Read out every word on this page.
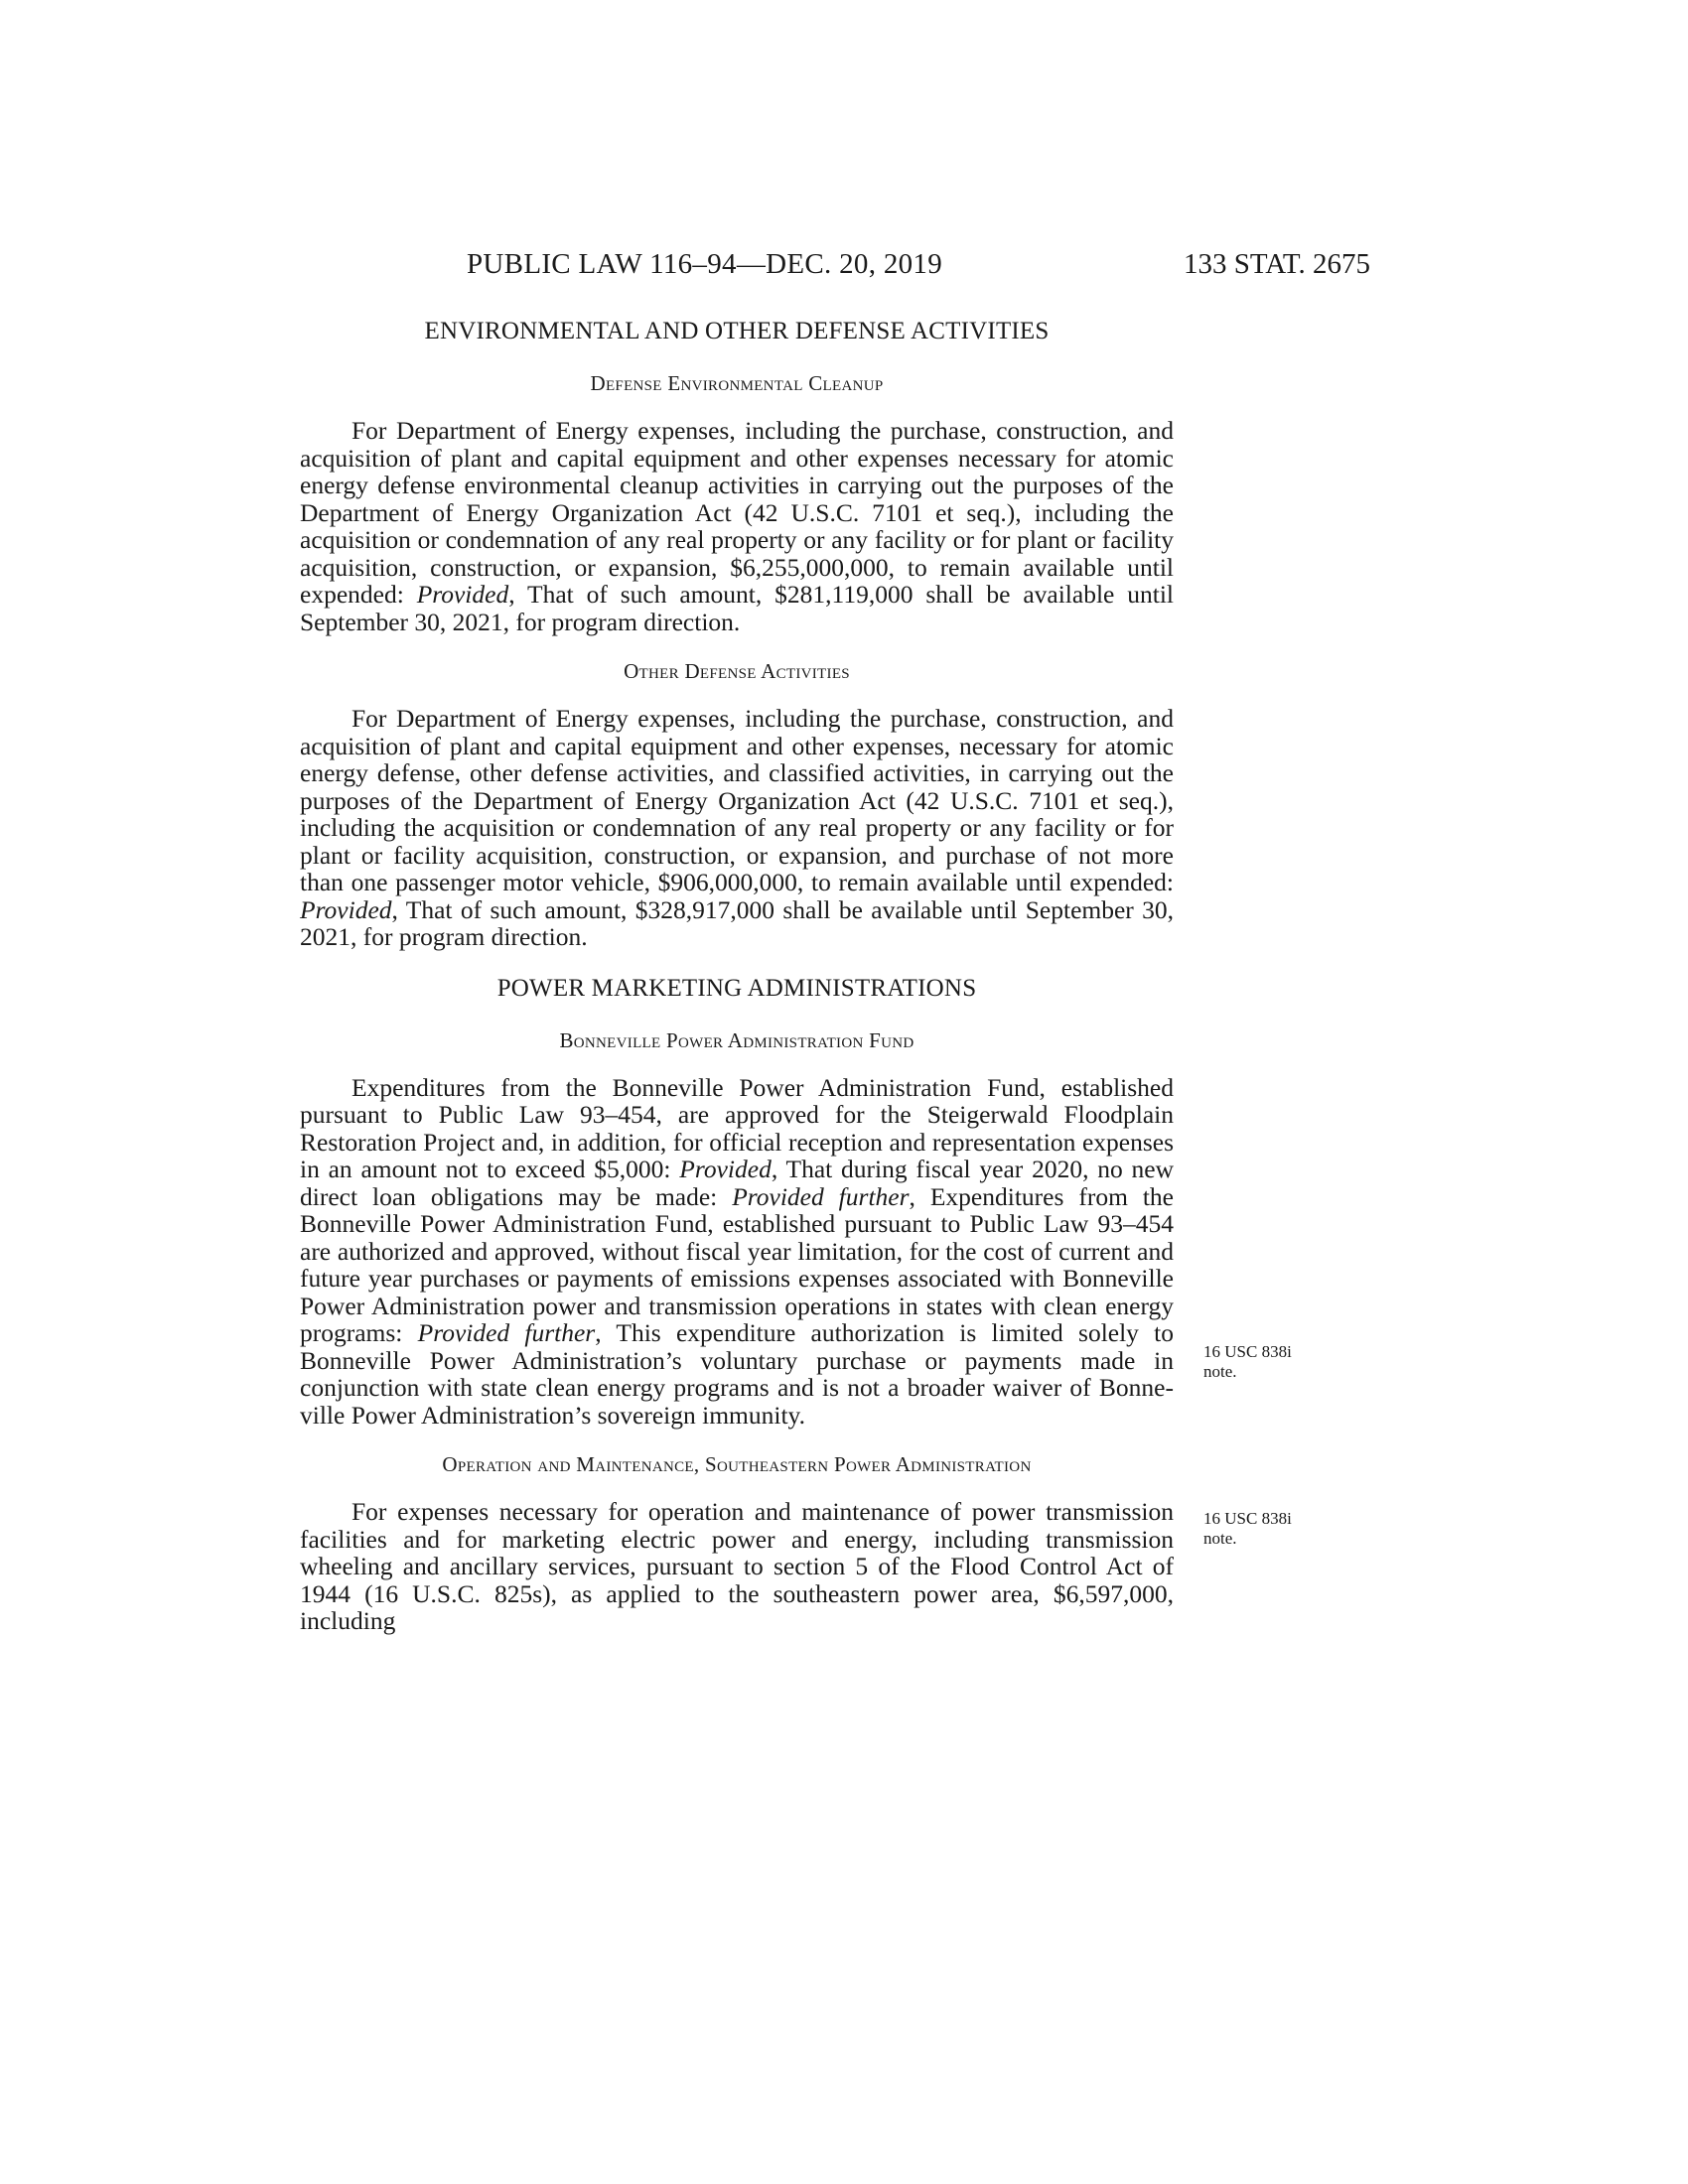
PUBLIC LAW 116–94—DEC. 20, 2019	133 STAT. 2675
ENVIRONMENTAL AND OTHER DEFENSE ACTIVITIES
Defense Environmental Cleanup

For Department of Energy expenses, including the purchase, construction, and acquisition of plant and capital equipment and other expenses necessary for atomic energy defense environmental cleanup activities in carrying out the purposes of the Department of Energy Organization Act (42 U.S.C. 7101 et seq.), including the acquisition or condemnation of any real property or any facility or for plant or facility acquisition, construction, or expansion, $6,255,000,000, to remain available until expended: Provided, That of such amount, $281,119,000 shall be available until September 30, 2021, for program direction.

Other Defense Activities

For Department of Energy expenses, including the purchase, construction, and acquisition of plant and capital equipment and other expenses, necessary for atomic energy defense, other defense activities, and classified activities, in carrying out the purposes of the Department of Energy Organization Act (42 U.S.C. 7101 et seq.), including the acquisition or condemnation of any real property or any facility or for plant or facility acquisition, construction, or expansion, and purchase of not more than one passenger motor vehicle, $906,000,000, to remain available until expended: Provided, That of such amount, $328,917,000 shall be available until September 30, 2021, for program direction.

POWER MARKETING ADMINISTRATIONS
Bonneville Power Administration Fund

Expenditures from the Bonneville Power Administration Fund, established pursuant to Public Law 93–454, are approved for the Steigerwald Floodplain Restoration Project and, in addition, for official reception and representation expenses in an amount not to exceed $5,000: Provided, That during fiscal year 2020, no new direct loan obligations may be made: Provided further, Expenditures from the Bonneville Power Administration Fund, established pursuant to Public Law 93–454 are authorized and approved, without fiscal year limitation, for the cost of current and future year purchases or payments of emissions expenses associated with Bonneville Power Administration power and transmission operations in states with clean energy programs: Provided further, This expenditure authorization is limited solely to Bonneville Power Administration’s voluntary purchase or payments made in conjunction with state clean energy programs and is not a broader waiver of Bonneville Power Administration’s sovereign immunity.

Operation and Maintenance, Southeastern Power Administration

For expenses necessary for operation and maintenance of power transmission facilities and for marketing electric power and energy, including transmission wheeling and ancillary services, pursuant to section 5 of the Flood Control Act of 1944 (16 U.S.C. 825s), as applied to the southeastern power area, $6,597,000, including

16 USC 838i
note.
16 USC 838i
note.
